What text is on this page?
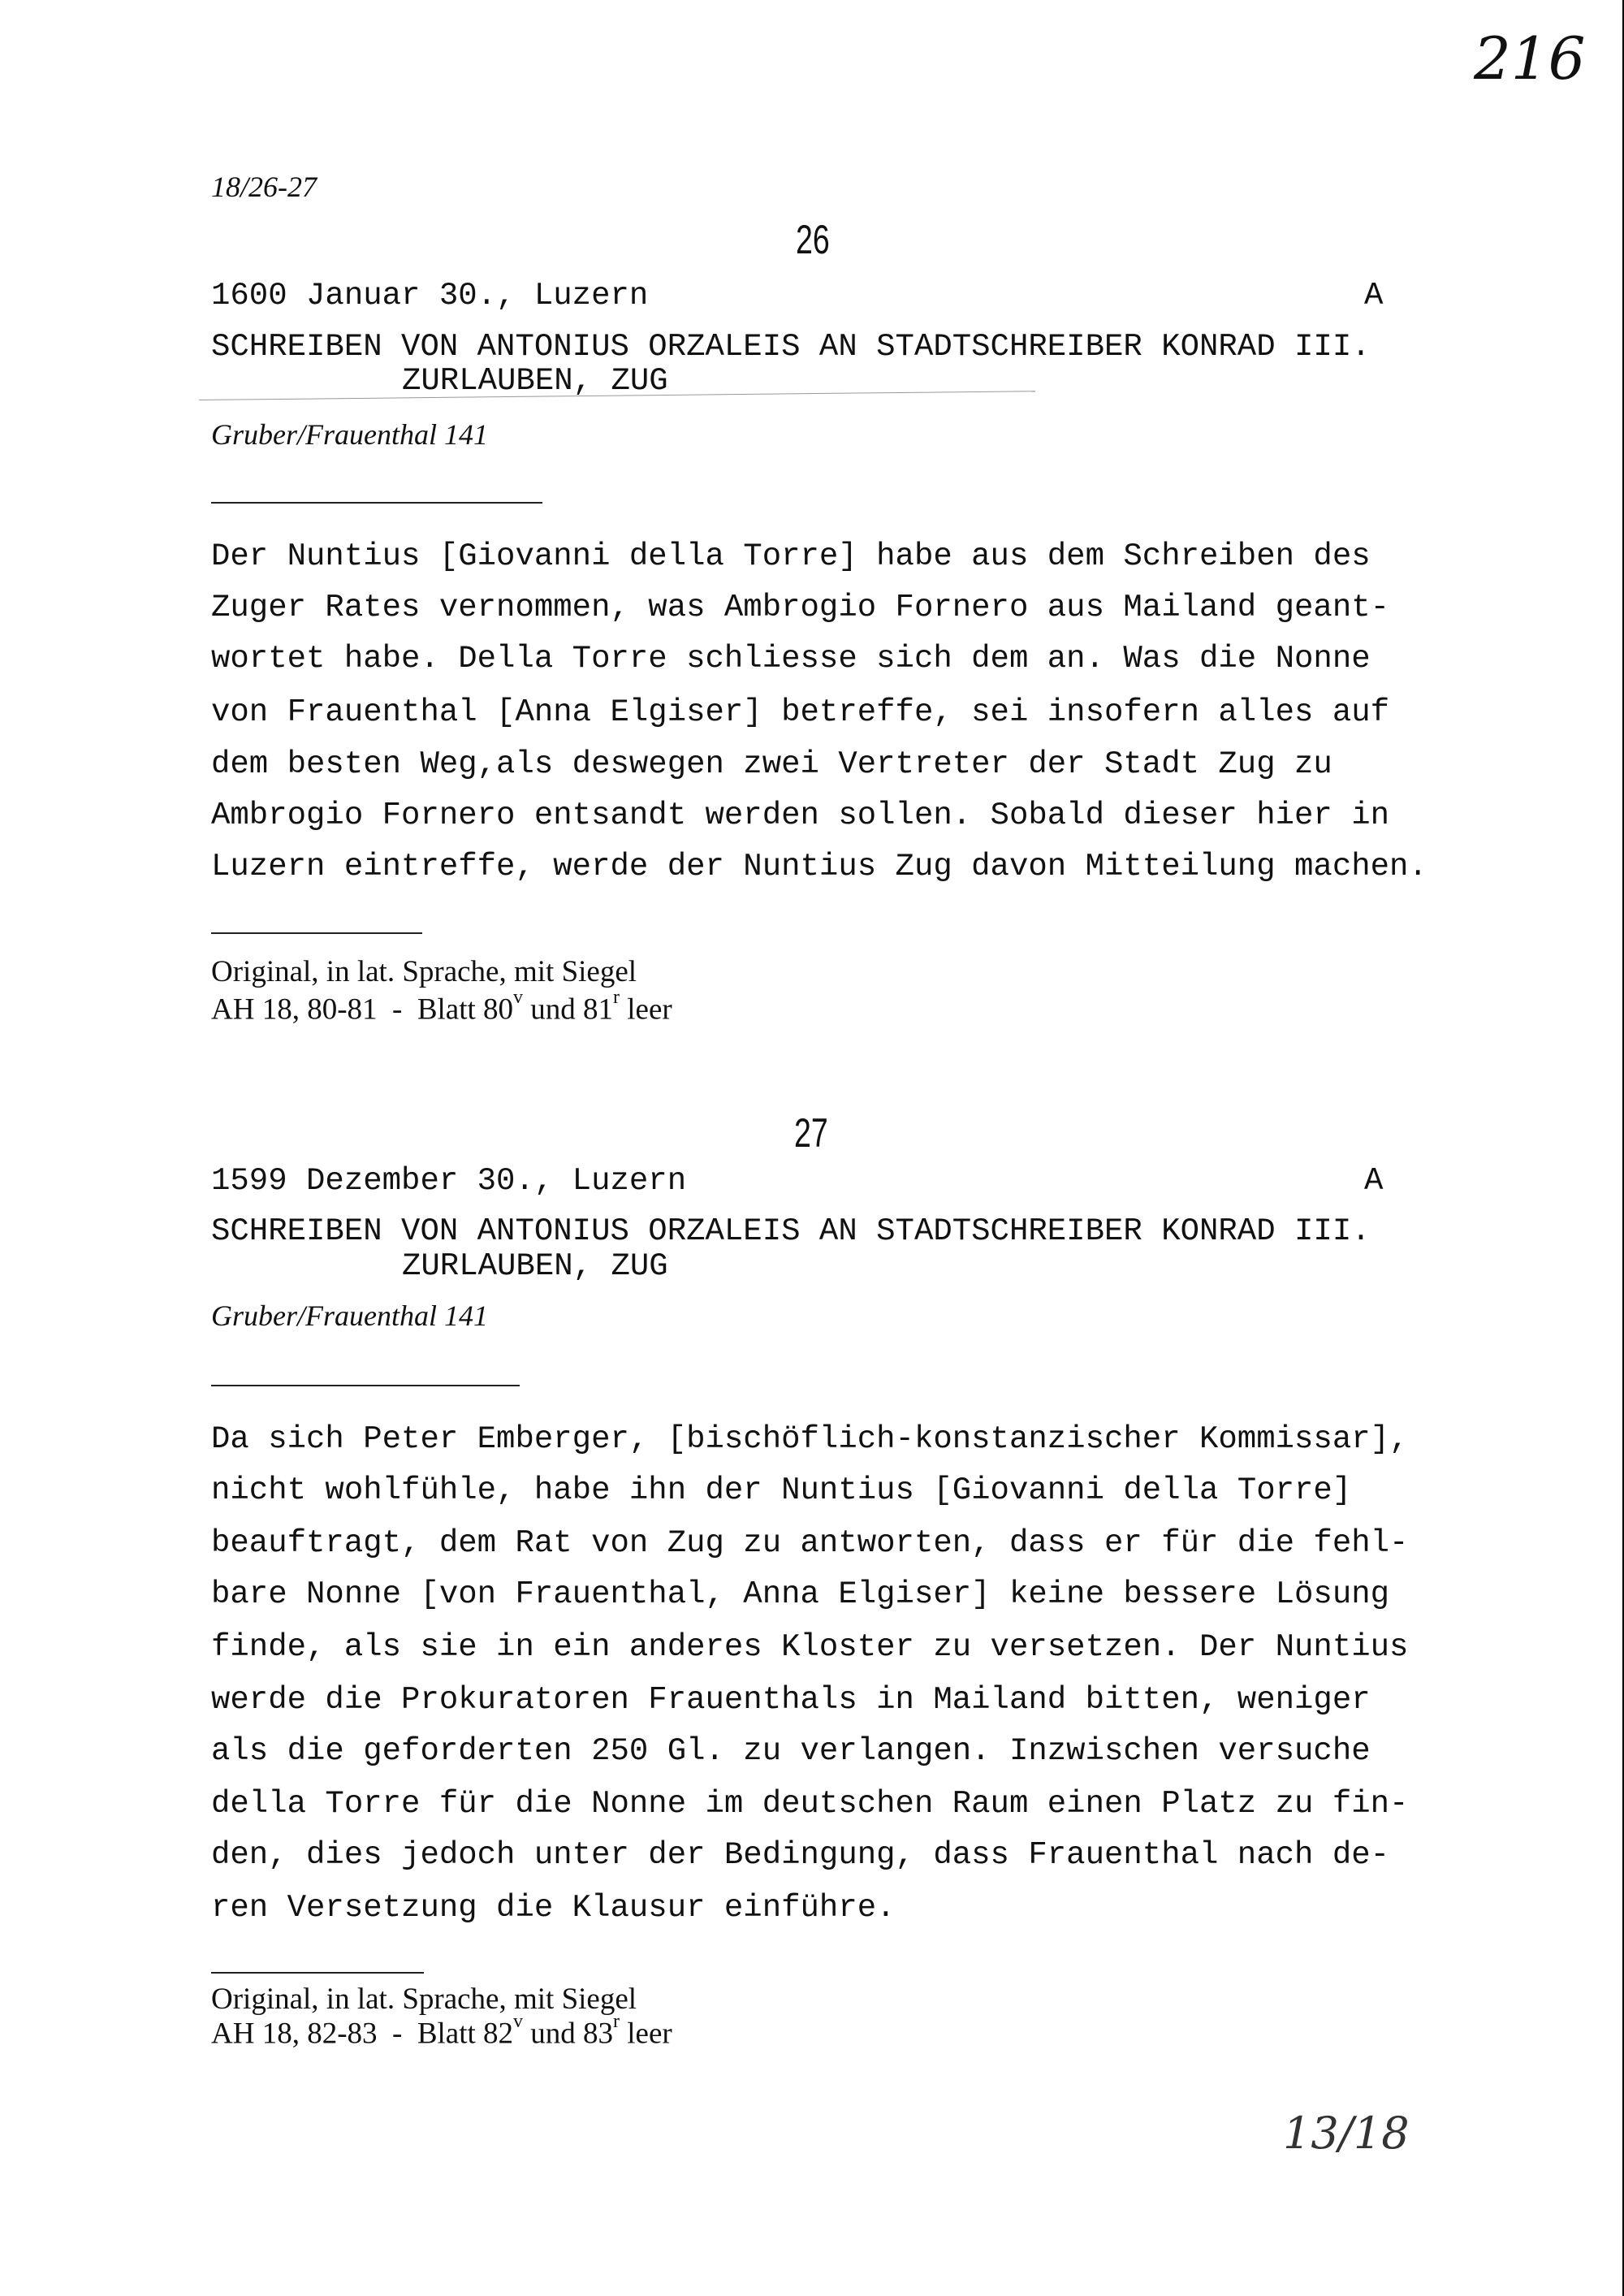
216
18/26-27
26
1600 Januar 30., Luzern	A
SCHREIBEN VON ANTONIUS ORZALEIS AN STADTSCHREIBER KONRAD III.
ZURLAUBEN, ZUG
Gruber/Frauenthal 141
Der Nuntius [Giovanni della Torre] habe aus dem Schreiben des
Zuger Rates vernommen, was Ambrogio Fornero aus Mailand geant-
wortet habe. Della Torre schliesse sich dem an. Was die Nonne
von Frauenthal [Anna Elgiser] betreffe, sei insofern alles auf
dem besten Weg,als deswegen zwei Vertreter der Stadt Zug zu
Ambrogio Fornero entsandt werden sollen. Sobald dieser hier in
Luzern eintreffe, werde der Nuntius Zug davon Mitteilung machen.
Original, in lat. Sprache, mit Siegel
AH 18, 80-81  -  Blatt 80$^v$ und 81$^r$ leer
27
1599 Dezember 30., Luzern	A
SCHREIBEN VON ANTONIUS ORZALEIS AN STADTSCHREIBER KONRAD III.
ZURLAUBEN, ZUG
Gruber/Frauenthal 141
Da sich Peter Emberger, [bischöflich-konstanzischer Kommissar],
nicht wohlfühle, habe ihn der Nuntius [Giovanni della Torre]
beauftragt, dem Rat von Zug zu antworten, dass er für die fehl-
bare Nonne [von Frauenthal, Anna Elgiser] keine bessere Lösung
finde, als sie in ein anderes Kloster zu versetzen. Der Nuntius
werde die Prokuratoren Frauenthals in Mailand bitten, weniger
als die geforderten 250 Gl. zu verlangen. Inzwischen versuche
della Torre für die Nonne im deutschen Raum einen Platz zu fin-
den, dies jedoch unter der Bedingung, dass Frauenthal nach de-
ren Versetzung die Klausur einführe.
Original, in lat. Sprache, mit Siegel
AH 18, 82-83  -  Blatt 82$^v$ und 83$^r$ leer
13/18
